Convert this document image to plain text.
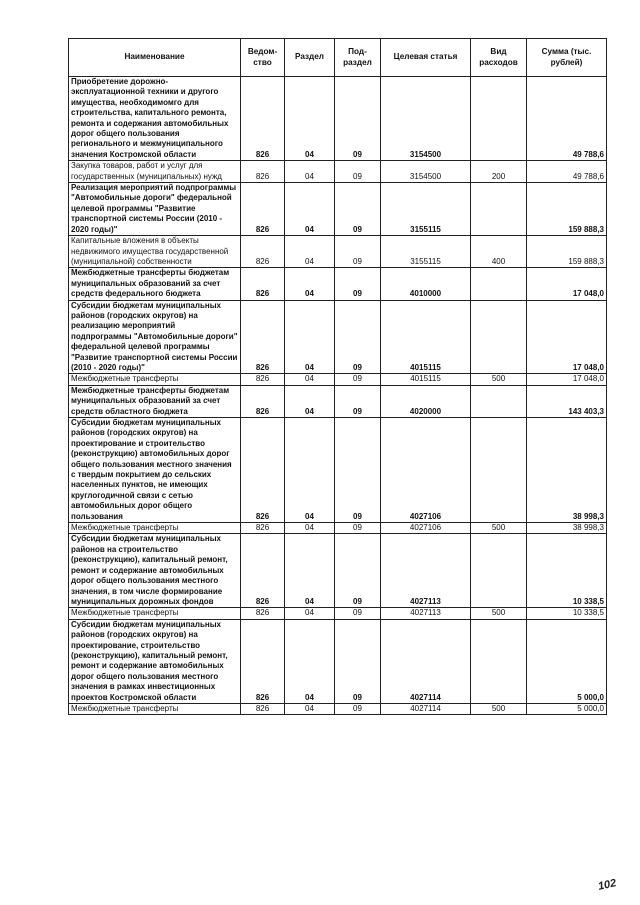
Наименование	Ведом-ство	Раздел	Под-раздел	Целевая статья	Вид расходов	Сумма (тыс. рублей)
Приобретение дорожно-эксплуатационной техники и другого имущества, необходимомго для строительства, капитального ремонта, ремонта и содержания автомобильных дорог общего пользования регионального и межмуниципального значения Костромской области	826	04	09	3154500		49 788,6
Закупка товаров, работ и услуг для государственных (муниципальных) нужд	826	04	09	3154500	200	49 788,6
Реализация мероприятий подпрограммы "Автомобильные дороги" федеральной целевой программы "Развитие транспортной системы России (2010 - 2020 годы)"	826	04	09	3155115		159 888,3
Капитальные вложения в объекты недвижимого имущества государственной (муниципальной) собственности	826	04	09	3155115	400	159 888,3
Межбюджетные трансферты бюджетам муниципальных образований за счет средств федерального бюджета	826	04	09	4010000		17 048,0
Субсидии бюджетам муниципальных районов (городских округов) на реализацию мероприятий подпрограммы "Автомобильные дороги" федеральной целевой программы "Развитие транспортной системы России (2010 - 2020 годы)"	826	04	09	4015115		17 048,0
Межбюджетные трансферты	826	04	09	4015115	500	17 048,0
Межбюджетные трансферты бюджетам муниципальных образований за счет средств областного бюджета	826	04	09	4020000		143 403,3
Субсидии бюджетам муниципальных районов (городских округов) на проектирование и строительство (реконструкцию) автомобильных дорог общего пользования местного значения с твердым покрытием до сельских населенных пунктов, не имеющих круглогодичной связи с сетью автомобильных дорог общего пользования	826	04	09	4027106		38 998,3
Межбюджетные трансферты	826	04	09	4027106	500	38 998,3
Субсидии бюджетам муниципальных районов на строительство (реконструкцию), капитальный ремонт, ремонт и содержание автомобильных дорог общего пользования местного значения, в том числе формирование муниципальных дорожных фондов	826	04	09	4027113		10 338,5
Межбюджетные трансферты	826	04	09	4027113	500	10 338,5
Субсидии бюджетам муниципальных районов (городских округов) на проектирование, строительство (реконструкцию), капитальный ремонт, ремонт и содержание автомобильных дорог общего пользования местного значения в рамках инвестиционных проектов Костромской области	826	04	09	4027114		5 000,0
Межбюджетные трансферты	826	04	09	4027114	500	5 000,0
102
